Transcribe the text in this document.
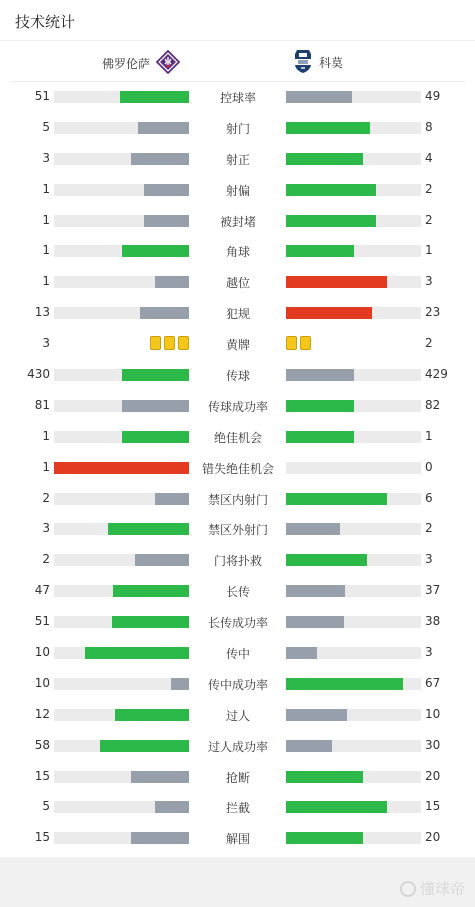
技术统计
佛罗伦萨	科莫
51	控球率	49
5	射门	8
3	射正	4
1	射偏	2
1	被封堵	2
1	角球	1
1	越位	3
13	犯规	23
3	黄牌	2
430	传球	429
81	传球成功率	82
1	绝佳机会	1
1	错失绝佳机会	0
2	禁区内射门	6
3	禁区外射门	2
2	门将扑救	3
47	长传	37
51	长传成功率	38
10	传中	3
10	传中成功率	67
12	过人	10
58	过人成功率	30
15	抢断	20
5	拦截	15
15	解围	20
懂球帝
